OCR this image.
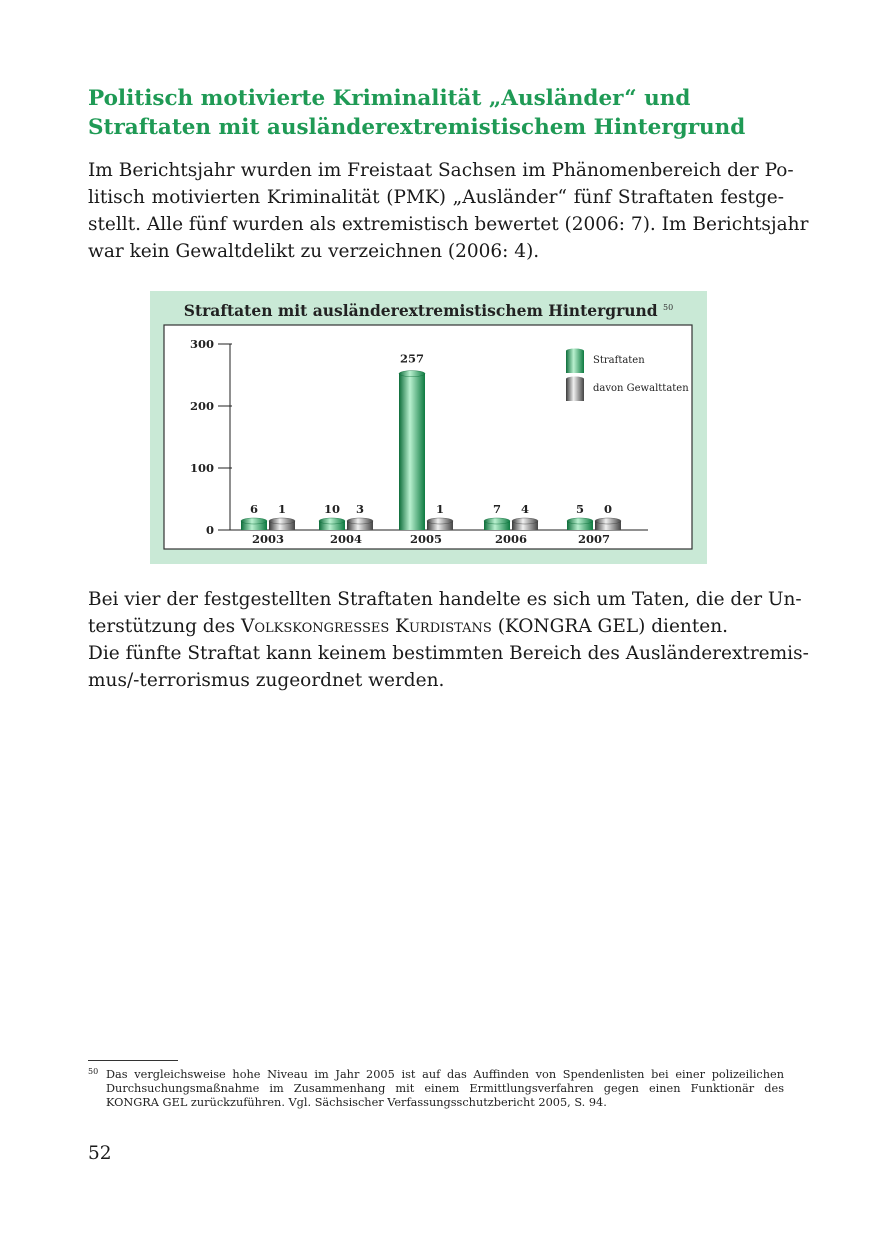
Politisch motivierte Kriminalität „Ausländer“ und
Straftaten mit ausländerextremistischem Hintergrund

Im Berichtsjahr wurden im Freistaat Sachsen im Phänomenbereich der Po-
litisch motivierten Kriminalität (PMK) „Ausländer“ fünf Straftaten festge-
stellt. Alle fünf wurden als extremistisch bewertet (2006: 7). Im Berichtsjahr
war kein Gewaltdelikt zu verzeichnen (2006: 4).

Straftaten mit ausländerextremistischem Hintergrund $^{50}$
0
100
200
300
6 1
2003
10 3
2004
257
1
2005
7 4
2006
5 0
2007
Straftaten
davon Gewalttaten

Bei vier der festgestellten Straftaten handelte es sich um Taten, die der Un-
terstützung des Volkskongresses Kurdistans (KONGRA GEL) dienten.
Die fünfte Straftat kann keinem bestimmten Bereich des Ausländerextremis-
mus/-terrorismus zugeordnet werden.

50 Das vergleichsweise hohe Niveau im Jahr 2005 ist auf das Auffinden von Spendenlisten bei einer polizeilichen
Durchsuchungsmaßnahme im Zusammenhang mit einem Ermittlungsverfahren gegen einen Funktionär des
KONGRA GEL zurückzuführen. Vgl. Sächsischer Verfassungsschutzbericht 2005, S. 94.
52
